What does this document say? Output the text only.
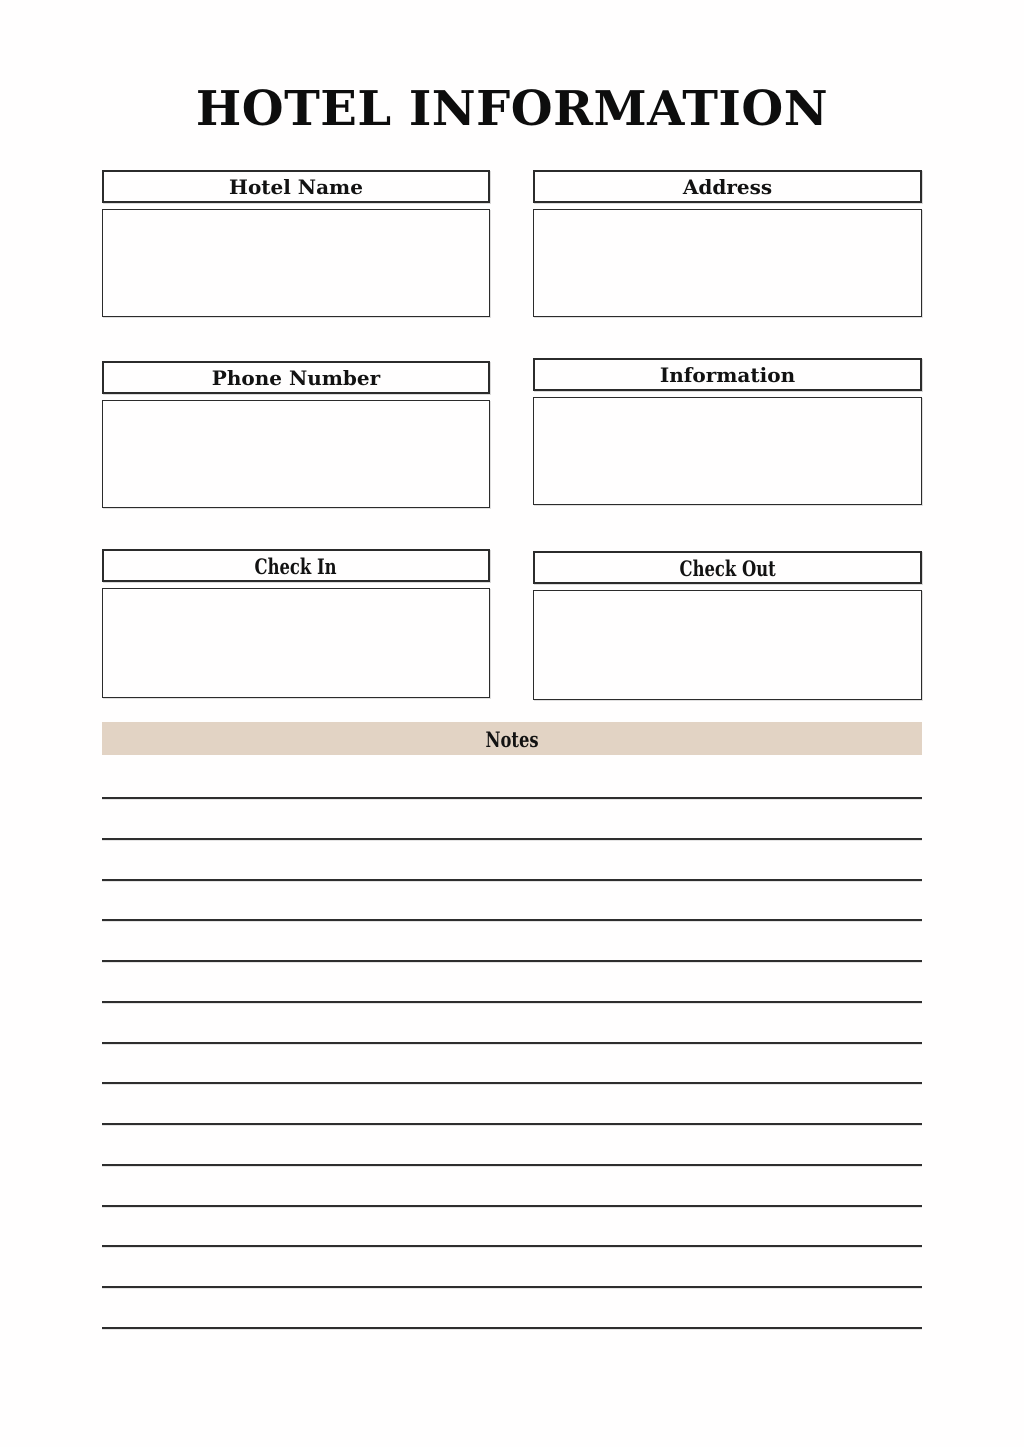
HOTEL INFORMATION
Hotel Name	Address
Phone Number	Information
Check In	Check Out
Notes
